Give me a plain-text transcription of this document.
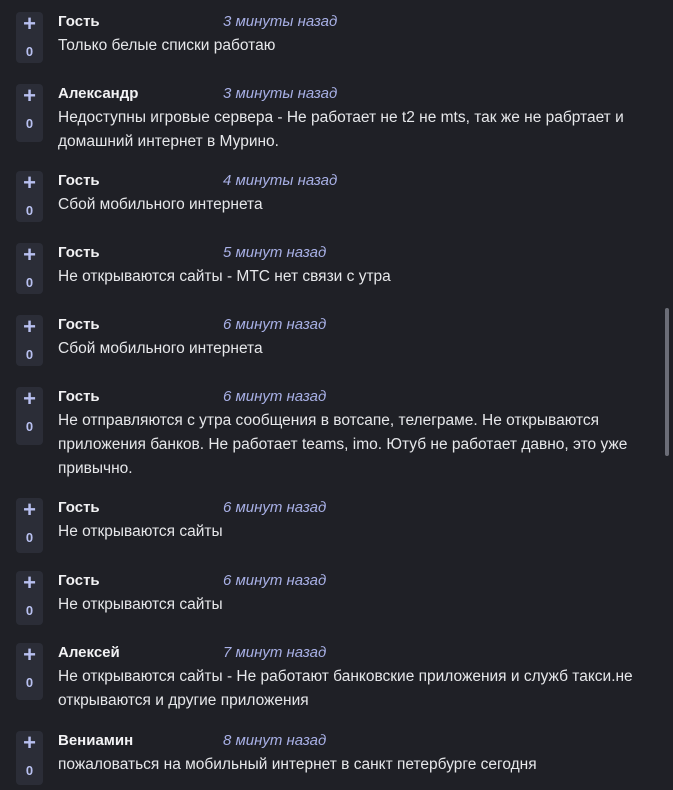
+
0
Гость	3 минуты назад
Только белые списки работаю
+
0
Александр	3 минуты назад
Недоступны игровые сервера - Не работает не t2 не mts, так же не рабртает и домашний интернет в Мурино.
+
0
Гость	4 минуты назад
Сбой мобильного интернета
+
0
Гость	5 минут назад
Не открываются сайты - МТС нет связи с утра
+
0
Гость	6 минут назад
Сбой мобильного интернета
+
0
Гость	6 минут назад
Не отправляются с утра сообщения в вотсапе, телеграме. Не открываются приложения банков. Не работает teams, imo. Ютуб не работает давно, это уже привычно.
+
0
Гость	6 минут назад
Не открываются сайты
+
0
Гость	6 минут назад
Не открываются сайты
+
0
Алексей	7 минут назад
Не открываются сайты - Не работают банковские приложения и служб такси.не открываются и другие приложения
+
0
Вениамин	8 минут назад
пожаловаться на мобильный интернет в санкт петербурге сегодня
